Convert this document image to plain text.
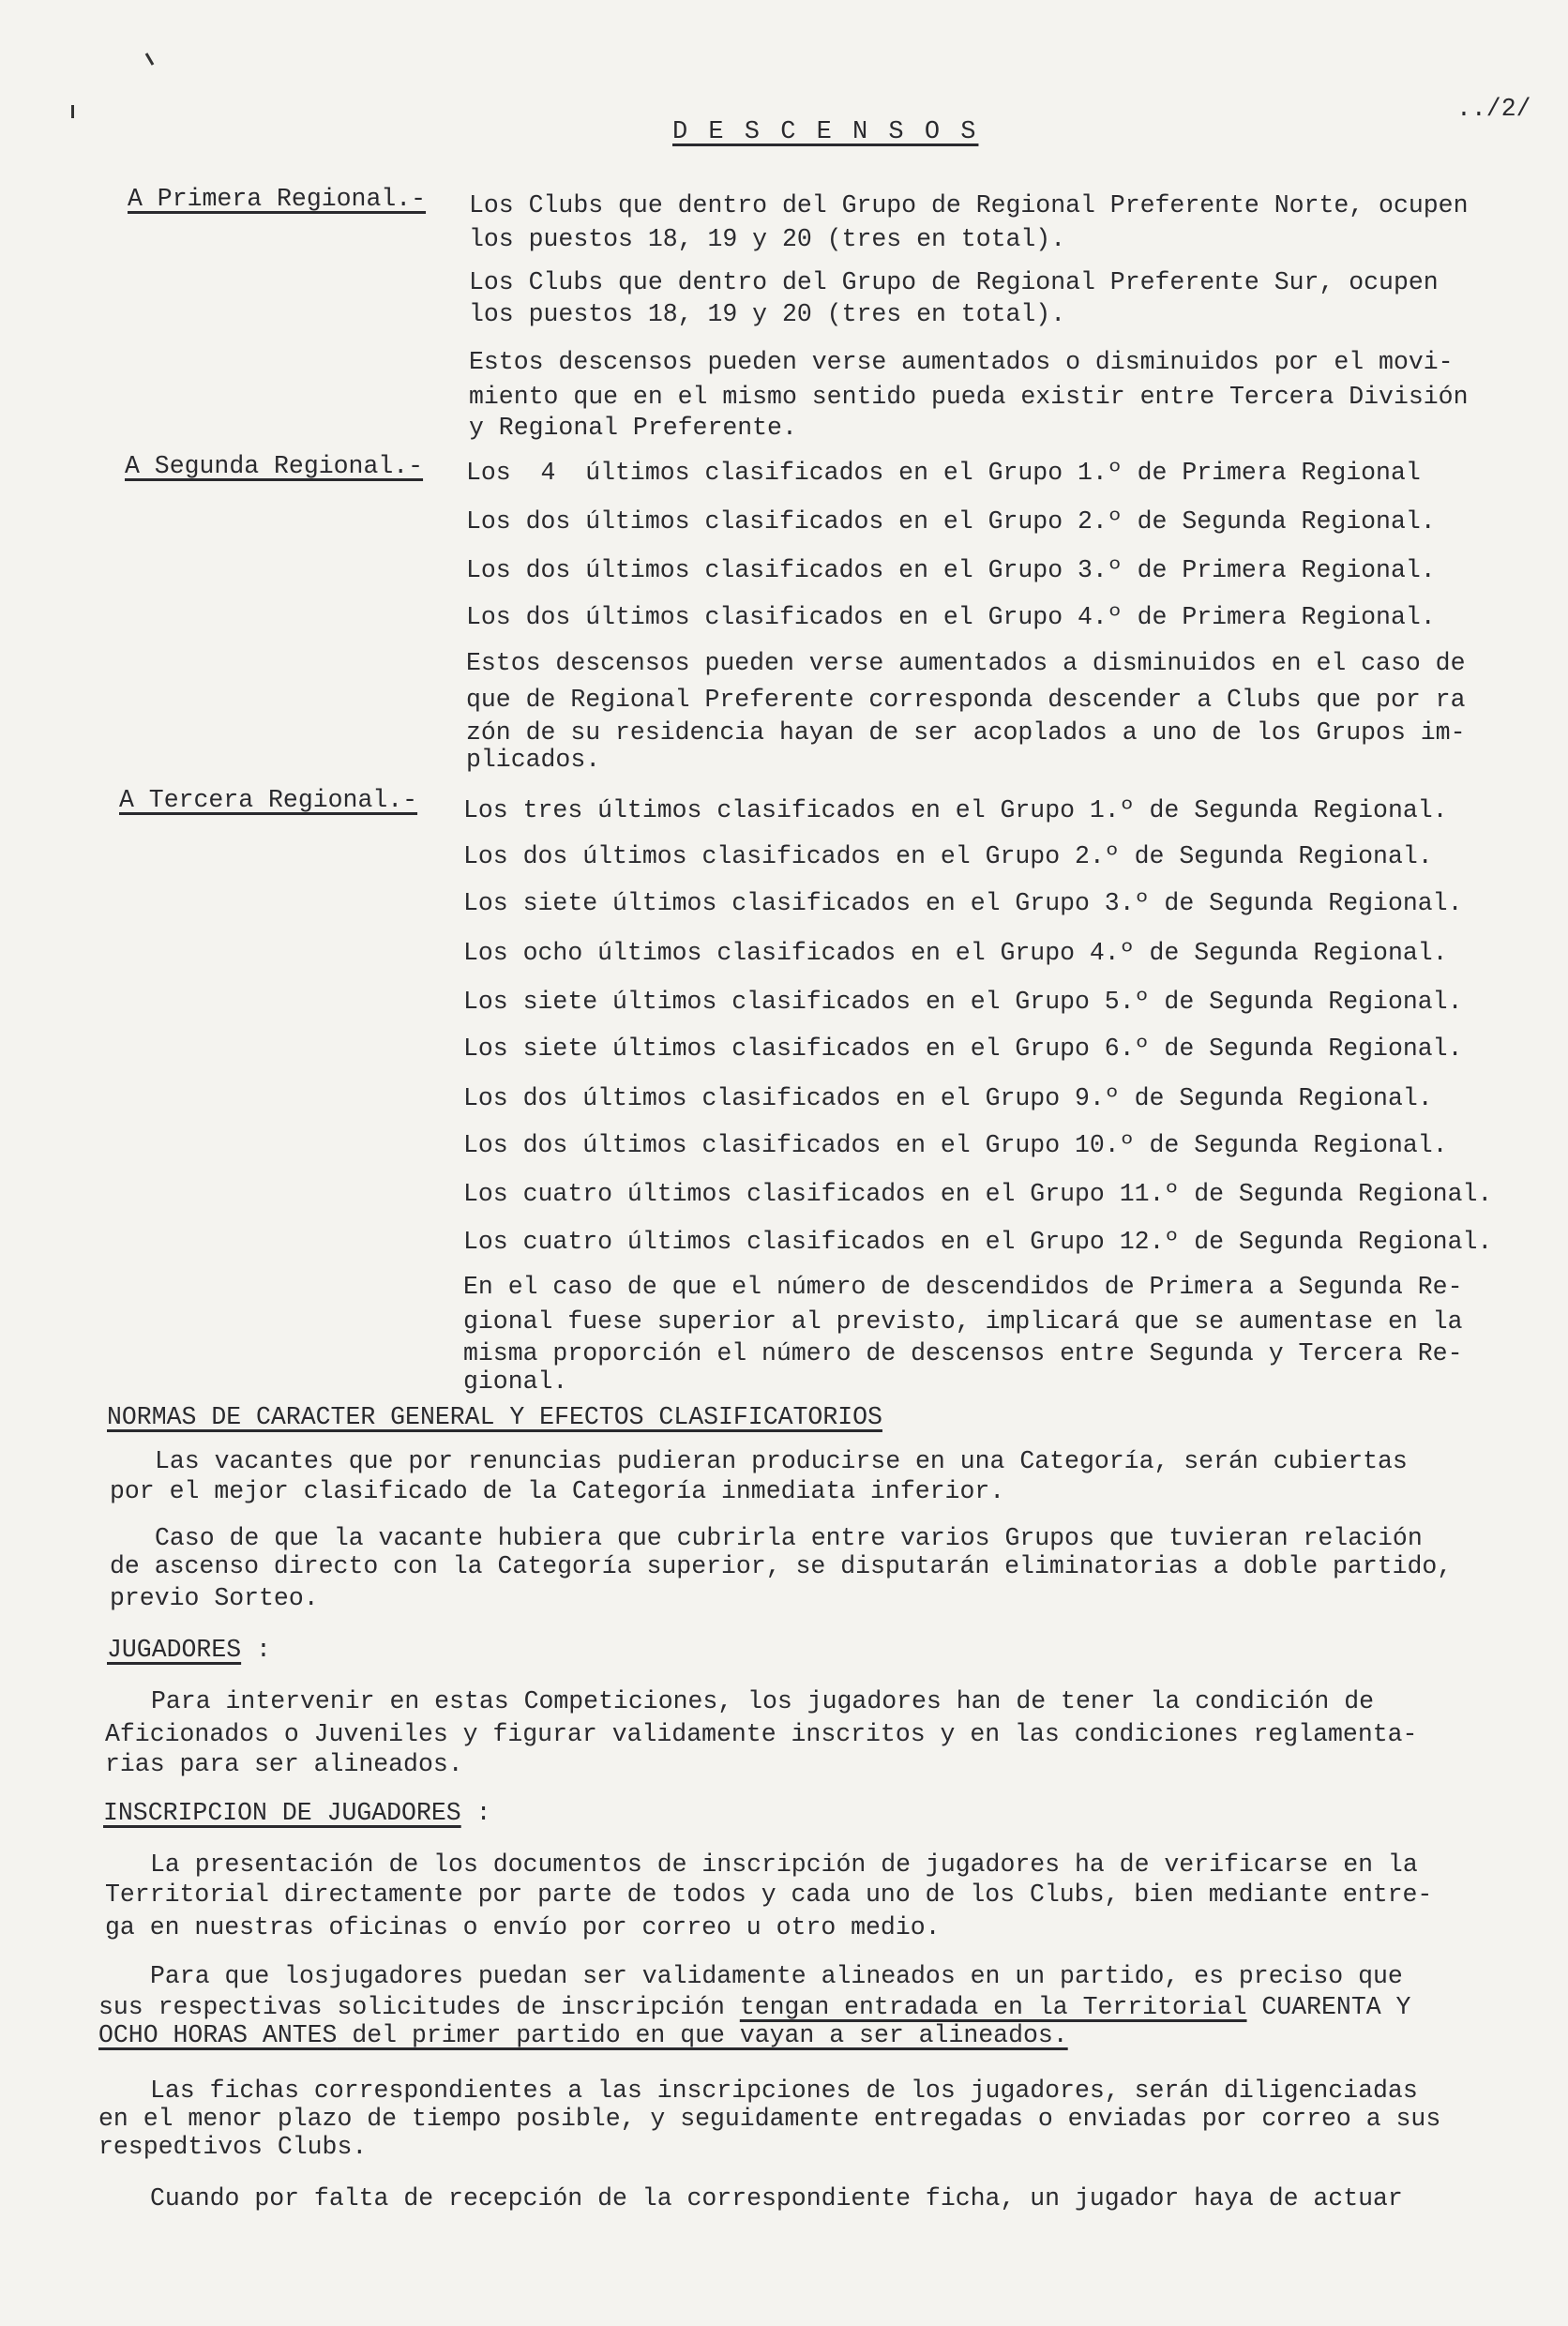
../2/
D E S C E N S O S
A Primera Regional.- Los Clubs que dentro del Grupo de Regional Preferente Norte, ocupen
los puestos 18, 19 y 20 (tres en total).
Los Clubs que dentro del Grupo de Regional Preferente Sur, ocupen
los puestos 18, 19 y 20 (tres en total).
Estos descensos pueden verse aumentados o disminuidos por el movi-
miento que en el mismo sentido pueda existir entre Tercera División
y Regional Preferente.
A Segunda Regional.- Los  4  últimos clasificados en el Grupo 1.º de Primera Regional
Los dos últimos clasificados en el Grupo 2.º de Segunda Regional.
Los dos últimos clasificados en el Grupo 3.º de Primera Regional.
Los dos últimos clasificados en el Grupo 4.º de Primera Regional.
Estos descensos pueden verse aumentados a disminuidos en el caso de
que de Regional Preferente corresponda descender a Clubs que por ra
zón de su residencia hayan de ser acoplados a uno de los Grupos im-
plicados.
A Tercera Regional.- Los tres últimos clasificados en el Grupo 1.º de Segunda Regional.
Los dos últimos clasificados en el Grupo 2.º de Segunda Regional.
Los siete últimos clasificados en el Grupo 3.º de Segunda Regional.
Los ocho últimos clasificados en el Grupo 4.º de Segunda Regional.
Los siete últimos clasificados en el Grupo 5.º de Segunda Regional.
Los siete últimos clasificados en el Grupo 6.º de Segunda Regional.
Los dos últimos clasificados en el Grupo 9.º de Segunda Regional.
Los dos últimos clasificados en el Grupo 10.º de Segunda Regional.
Los cuatro últimos clasificados en el Grupo 11.º de Segunda Regional.
Los cuatro últimos clasificados en el Grupo 12.º de Segunda Regional.
En el caso de que el número de descendidos de Primera a Segunda Re-
gional fuese superior al previsto, implicará que se aumentase en la
misma proporción el número de descensos entre Segunda y Tercera Re-
gional.
NORMAS DE CARACTER GENERAL Y EFECTOS CLASIFICATORIOS
Las vacantes que por renuncias pudieran producirse en una Categoría, serán cubiertas
por el mejor clasificado de la Categoría inmediata inferior.
Caso de que la vacante hubiera que cubrirla entre varios Grupos que tuvieran relación
de ascenso directo con la Categoría superior, se disputarán eliminatorias a doble partido,
previo Sorteo.
JUGADORES :
Para intervenir en estas Competiciones, los jugadores han de tener la condición de
Aficionados o Juveniles y figurar validamente inscritos y en las condiciones reglamenta-
rias para ser alineados.
INSCRIPCION DE JUGADORES :
La presentación de los documentos de inscripción de jugadores ha de verificarse en la
Territorial directamente por parte de todos y cada uno de los Clubs, bien mediante entre-
ga en nuestras oficinas o envío por correo u otro medio.
Para que losjugadores puedan ser validamente alineados en un partido, es preciso que
sus respectivas solicitudes de inscripción tengan entradada en la Territorial CUARENTA Y
OCHO HORAS ANTES del primer partido en que vayan a ser alineados.
Las fichas correspondientes a las inscripciones de los jugadores, serán diligenciadas
en el menor plazo de tiempo posible, y seguidamente entregadas o enviadas por correo a sus
respedtivos Clubs.
Cuando por falta de recepción de la correspondiente ficha, un jugador haya de actuar
